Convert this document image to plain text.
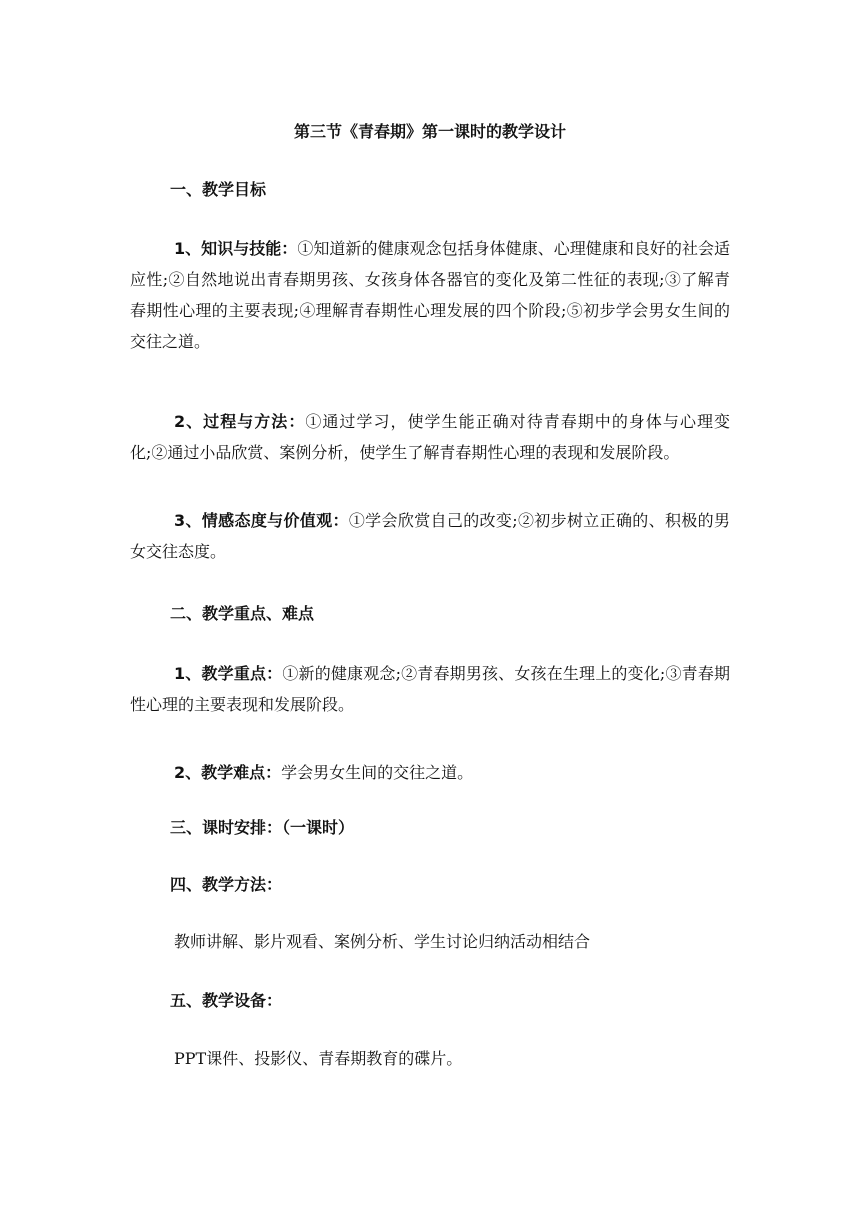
第三节《青春期》第一课时的教学设计
一、教学目标
1、知识与技能：①知道新的健康观念包括身体健康、心理健康和良好的社会适应性;②自然地说出青春期男孩、女孩身体各器官的变化及第二性征的表现;③了解青春期性心理的主要表现;④理解青春期性心理发展的四个阶段;⑤初步学会男女生间的交往之道。
2、过程与方法：①通过学习，使学生能正确对待青春期中的身体与心理变化;②通过小品欣赏、案例分析，使学生了解青春期性心理的表现和发展阶段。
3、情感态度与价值观：①学会欣赏自己的改变;②初步树立正确的、积极的男女交往态度。
二、教学重点、难点
1、教学重点：①新的健康观念;②青春期男孩、女孩在生理上的变化;③青春期性心理的主要表现和发展阶段。
2、教学难点：学会男女生间的交往之道。
三、课时安排：（一课时）
四、教学方法：
教师讲解、影片观看、案例分析、学生讨论归纳活动相结合
五、教学设备：
PPT课件、投影仪、青春期教育的碟片。
